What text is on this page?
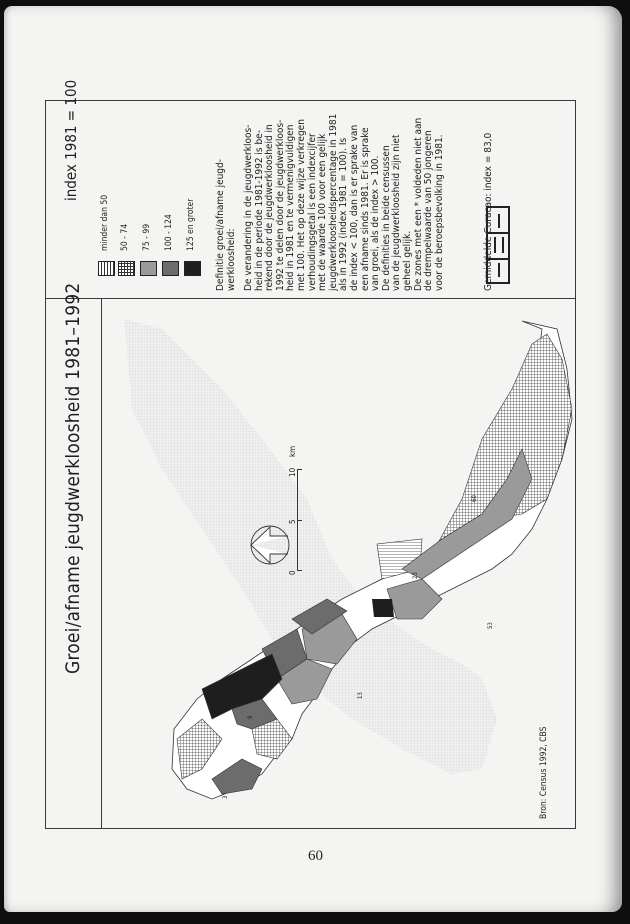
index 1981 = 100
minder dan 50 50 - 74 75 - 99 100 - 124 125 en groter Definitie groei/afname jeugd-
werkloosheid: De verandering in de jeugdwerkloos-
heid in de periode 1981-1992 is be-
rekend door de jeugdwerkloosheid in
1992 te delen door de jeugdwerkloos-
heid in 1981 en te vermenigvuldigen
met 100. Het op deze wijze verkregen
verhoudingsgetal is een indexcijfer
met de waarde 100 voor een gelijk
jeugdwerkloosheidspercentage in 1981
als in 1992 (index 1981 = 100). Is
de index < 100, dan is er sprake van
een afname sinds 1981. Er is sprake
van groei, als de index > 100.
De definities in beide censussen
van de jeugdwerkloosheid zijn niet
geheel gelijk.
De zones met een * voldeden niet aan
de drempelwaarde van 50 jongeren
voor de beroepsbevolking in 1981.	Gemiddelde Curacao: index = 83,0
Groei/afname jeugdwerkloosheid 1981–1992	60
23
53
13
9
3
0
5
10
km
Bron: Census 1992, CBS
60
